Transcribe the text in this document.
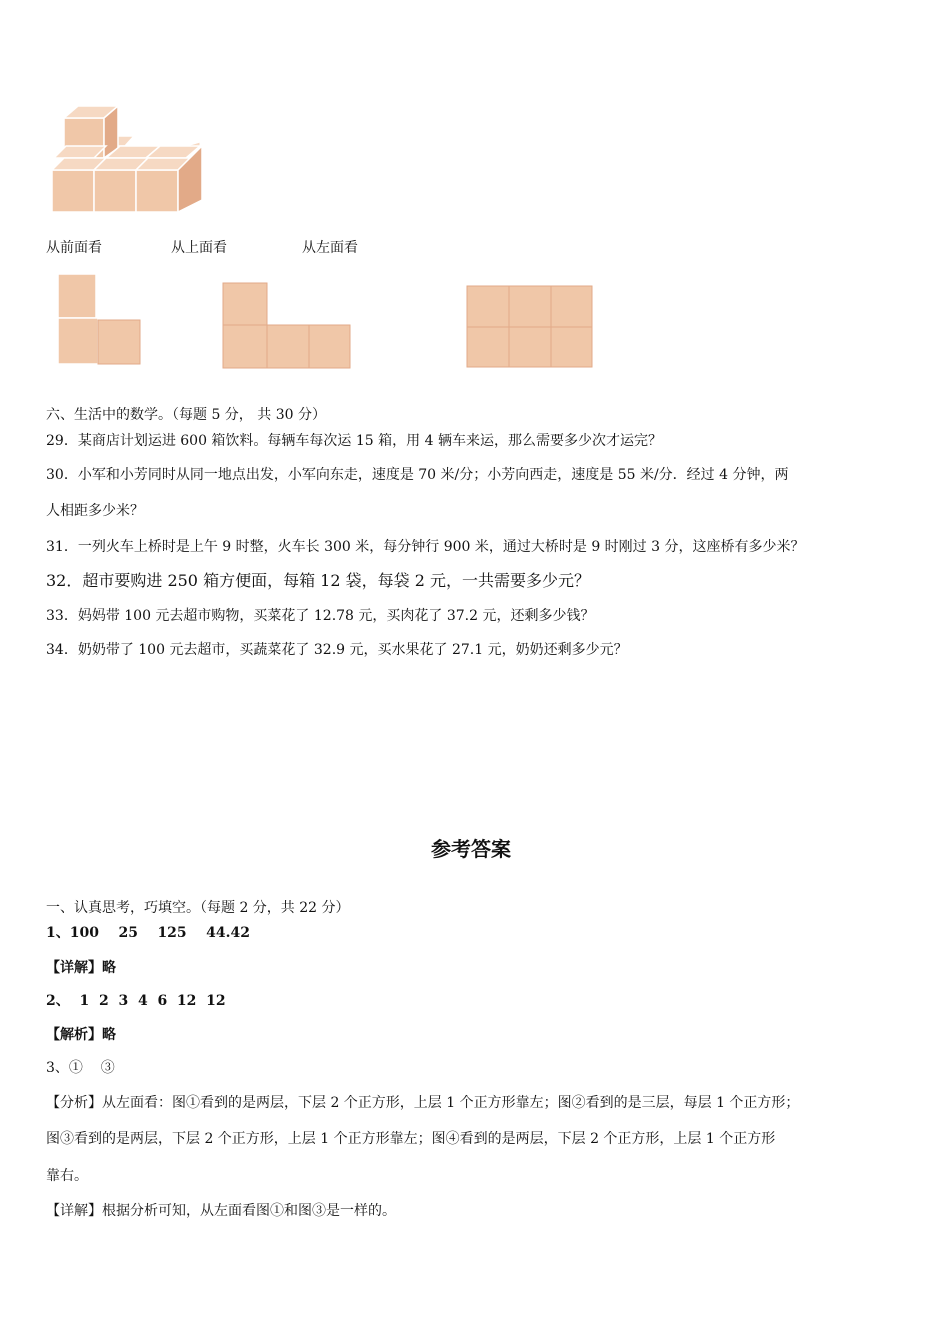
从前面看	从上面看	从左面看
六、生活中的数学。（每题 5 分， 共 30 分）
29．某商店计划运进 600 箱饮料。每辆车每次运 15 箱，用 4 辆车来运，那么需要多少次才运完？
30．小军和小芳同时从同一地点出发，小军向东走，速度是 70 米/分；小芳向西走，速度是 55 米/分．经过 4 分钟，两
人相距多少米？
31．一列火车上桥时是上午 9 时整，火车长 300 米，每分钟行 900 米，通过大桥时是 9 时刚过 3 分，这座桥有多少米？
32．超市要购进 250 箱方便面，每箱 12 袋，每袋 2 元，一共需要多少元？
33．妈妈带 100 元去超市购物，买菜花了 12.78 元，买肉花了 37.2 元，还剩多少钱？
34．奶奶带了 100 元去超市，买蔬菜花了 32.9 元，买水果花了 27.1 元，奶奶还剩多少元？
参考答案
一、认真思考，巧填空。（每题 2 分，共 22 分）
1、100    25    125    44.42
【详解】略
2、  1  2  3  4  6  12  12
【解析】略
3、①    ③
【分析】从左面看：图①看到的是两层，下层 2 个正方形，上层 1 个正方形靠左；图②看到的是三层，每层 1 个正方形；
图③看到的是两层，下层 2 个正方形，上层 1 个正方形靠左；图④看到的是两层，下层 2 个正方形，上层 1 个正方形
靠右。
【详解】根据分析可知，从左面看图①和图③是一样的。
